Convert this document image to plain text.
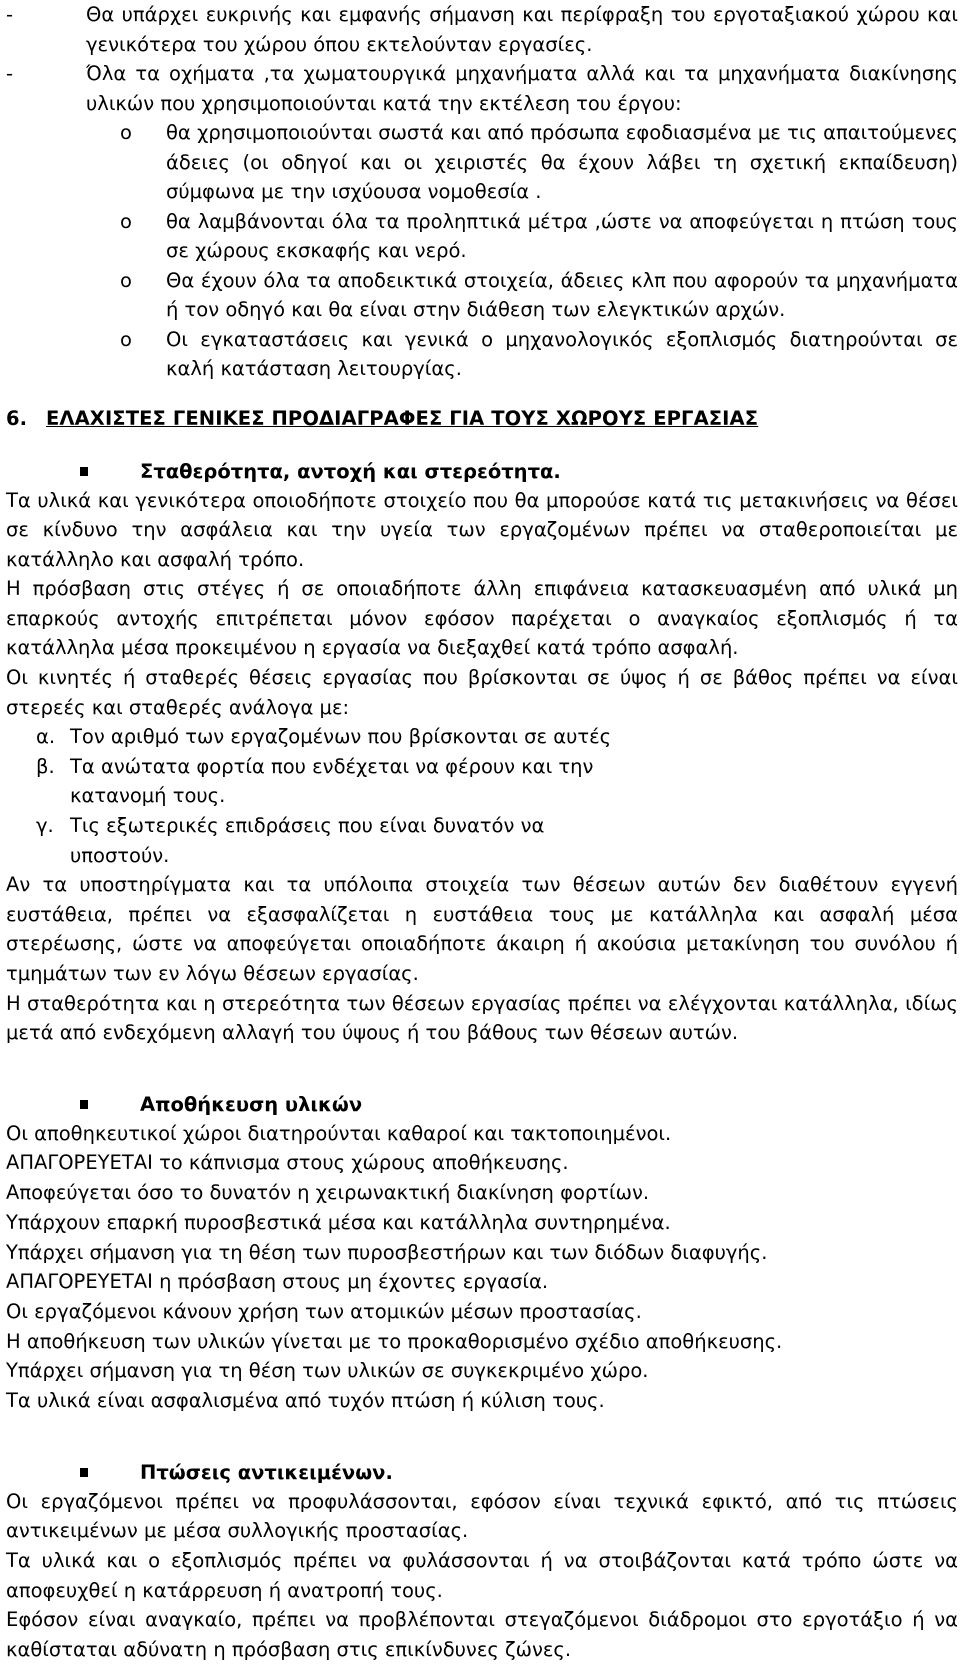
-	Θα υπάρχει ευκρινής και εμφανής σήμανση και περίφραξη του εργοταξιακού χώρου και γενικότερα του χώρου όπου εκτελούνταν εργασίες.
-	Όλα τα οχήματα ,τα χωματουργικά μηχανήματα αλλά και τα μηχανήματα διακίνησης υλικών που χρησιμοποιούνται κατά την εκτέλεση του έργου:
o θα χρησιμοποιούνται σωστά και από πρόσωπα εφοδιασμένα με τις απαιτούμενες άδειες (οι οδηγοί και οι χειριστές θα έχουν λάβει τη σχετική εκπαίδευση) σύμφωνα με την ισχύουσα νομοθεσία .
o θα λαμβάνονται όλα τα προληπτικά μέτρα ,ώστε να αποφεύγεται η πτώση τους σε χώρους εκσκαφής και νερό.
o Θα έχουν όλα τα αποδεικτικά στοιχεία, άδειες κλπ που αφορούν τα μηχανήματα ή τον οδηγό και θα είναι στην διάθεση των ελεγκτικών αρχών.
o Οι εγκαταστάσεις και γενικά ο μηχανολογικός εξοπλισμός διατηρούνται σε καλή κατάσταση λειτουργίας.
6. ΕΛΑΧΙΣΤΕΣ ΓΕΝΙΚΕΣ ΠΡΟΔΙΑΓΡΑΦΕΣ ΓΙΑ ΤΟΥΣ ΧΩΡΟΥΣ ΕΡΓΑΣΙΑΣ
Σταθερότητα, αντοχή και στερεότητα.

Τα υλικά και γενικότερα οποιοδήποτε στοιχείο που θα μπορούσε κατά τις μετακινήσεις να θέσει σε κίνδυνο την ασφάλεια και την υγεία των εργαζομένων πρέπει να σταθεροποιείται με κατάλληλο και ασφαλή τρόπο.

Η πρόσβαση στις στέγες ή σε οποιαδήποτε άλλη επιφάνεια κατασκευασμένη από υλικά μη επαρκούς αντοχής επιτρέπεται μόνον εφόσον παρέχεται ο αναγκαίος εξοπλισμός ή τα κατάλληλα μέσα προκειμένου η εργασία να διεξαχθεί κατά τρόπο ασφαλή.

Οι κινητές ή σταθερές θέσεις εργασίας που βρίσκονται σε ύψος ή σε βάθος πρέπει να είναι στερεές και σταθερές ανάλογα με:

α. Τον αριθμό των εργαζομένων που βρίσκονται σε αυτές
β. Τα ανώτατα φορτία που ενδέχεται να φέρουν και την
κατανομή τους.
γ. Τις εξωτερικές επιδράσεις που είναι δυνατόν να
υποστούν.

Αν τα υποστηρίγματα και τα υπόλοιπα στοιχεία των θέσεων αυτών δεν διαθέτουν εγγενή ευστάθεια, πρέπει να εξασφαλίζεται η ευστάθεια τους με κατάλληλα και ασφαλή μέσα στερέωσης, ώστε να αποφεύγεται οποιαδήποτε άκαιρη ή ακούσια μετακίνηση του συνόλου ή τμημάτων των εν λόγω θέσεων εργασίας.

Η σταθερότητα και η στερεότητα των θέσεων εργασίας πρέπει να ελέγχονται κατάλληλα, ιδίως μετά από ενδεχόμενη αλλαγή του ύψους ή του βάθους των θέσεων αυτών.

Αποθήκευση υλικών
Οι αποθηκευτικοί χώροι διατηρούνται καθαροί και τακτοποιημένοι.
ΑΠΑΓΟΡΕΥΕΤΑΙ το κάπνισμα στους χώρους αποθήκευσης.
Αποφεύγεται όσο το δυνατόν η χειρωνακτική διακίνηση φορτίων.
Υπάρχουν επαρκή πυροσβεστικά μέσα και κατάλληλα συντηρημένα.
Υπάρχει σήμανση για τη θέση των πυροσβεστήρων και των διόδων διαφυγής.
ΑΠΑΓΟΡΕΥΕΤΑΙ η πρόσβαση στους μη έχοντες εργασία.
Οι εργαζόμενοι κάνουν χρήση των ατομικών μέσων προστασίας.
Η αποθήκευση των υλικών γίνεται με το προκαθορισμένο σχέδιο αποθήκευσης.
Υπάρχει σήμανση για τη θέση των υλικών σε συγκεκριμένο χώρο.
Τα υλικά είναι ασφαλισμένα από τυχόν πτώση ή κύλιση τους.
Πτώσεις αντικειμένων.

Οι εργαζόμενοι πρέπει να προφυλάσσονται, εφόσον είναι τεχνικά εφικτό, από τις πτώσεις αντικειμένων με μέσα συλλογικής προστασίας.

Τα υλικά και ο εξοπλισμός πρέπει να φυλάσσονται ή να στοιβάζονται κατά τρόπο ώστε να αποφευχθεί η κατάρρευση ή ανατροπή τους.

Εφόσον είναι αναγκαίο, πρέπει να προβλέπονται στεγαζόμενοι διάδρομοι στο εργοτάξιο ή να καθίσταται αδύνατη η πρόσβαση στις επικίνδυνες ζώνες.
